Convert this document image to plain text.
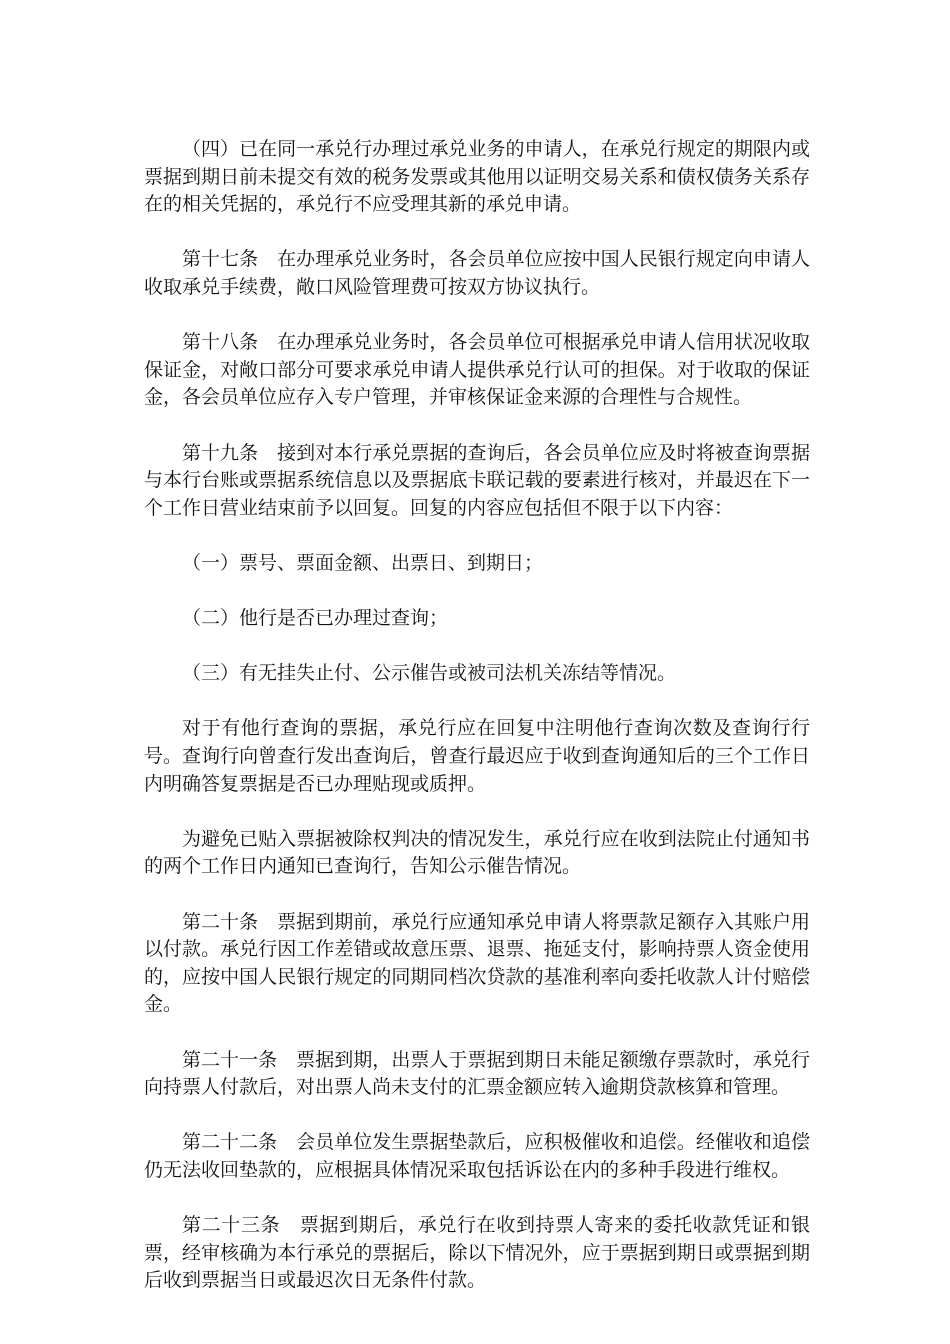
（四）已在同一承兑行办理过承兑业务的申请人，在承兑行规定的期限内或票据到期日前未提交有效的税务发票或其他用以证明交易关系和债权债务关系存在的相关凭据的，承兑行不应受理其新的承兑申请。

第十七条　在办理承兑业务时，各会员单位应按中国人民银行规定向申请人收取承兑手续费，敞口风险管理费可按双方协议执行。

第十八条　在办理承兑业务时，各会员单位可根据承兑申请人信用状况收取保证金，对敞口部分可要求承兑申请人提供承兑行认可的担保。对于收取的保证金，各会员单位应存入专户管理，并审核保证金来源的合理性与合规性。

第十九条　接到对本行承兑票据的查询后，各会员单位应及时将被查询票据与本行台账或票据系统信息以及票据底卡联记载的要素进行核对，并最迟在下一个工作日营业结束前予以回复。回复的内容应包括但不限于以下内容：

（一）票号、票面金额、出票日、到期日；

（二）他行是否已办理过查询；

（三）有无挂失止付、公示催告或被司法机关冻结等情况。

对于有他行查询的票据，承兑行应在回复中注明他行查询次数及查询行行号。查询行向曾查行发出查询后，曾查行最迟应于收到查询通知后的三个工作日内明确答复票据是否已办理贴现或质押。

为避免已贴入票据被除权判决的情况发生，承兑行应在收到法院止付通知书的两个工作日内通知已查询行，告知公示催告情况。

第二十条　票据到期前，承兑行应通知承兑申请人将票款足额存入其账户用以付款。承兑行因工作差错或故意压票、退票、拖延支付，影响持票人资金使用的，应按中国人民银行规定的同期同档次贷款的基准利率向委托收款人计付赔偿金。

第二十一条　票据到期，出票人于票据到期日未能足额缴存票款时，承兑行向持票人付款后，对出票人尚未支付的汇票金额应转入逾期贷款核算和管理。

第二十二条　会员单位发生票据垫款后，应积极催收和追偿。经催收和追偿仍无法收回垫款的，应根据具体情况采取包括诉讼在内的多种手段进行维权。

第二十三条　票据到期后，承兑行在收到持票人寄来的委托收款凭证和银票，经审核确为本行承兑的票据后，除以下情况外，应于票据到期日或票据到期后收到票据当日或最迟次日无条件付款。
